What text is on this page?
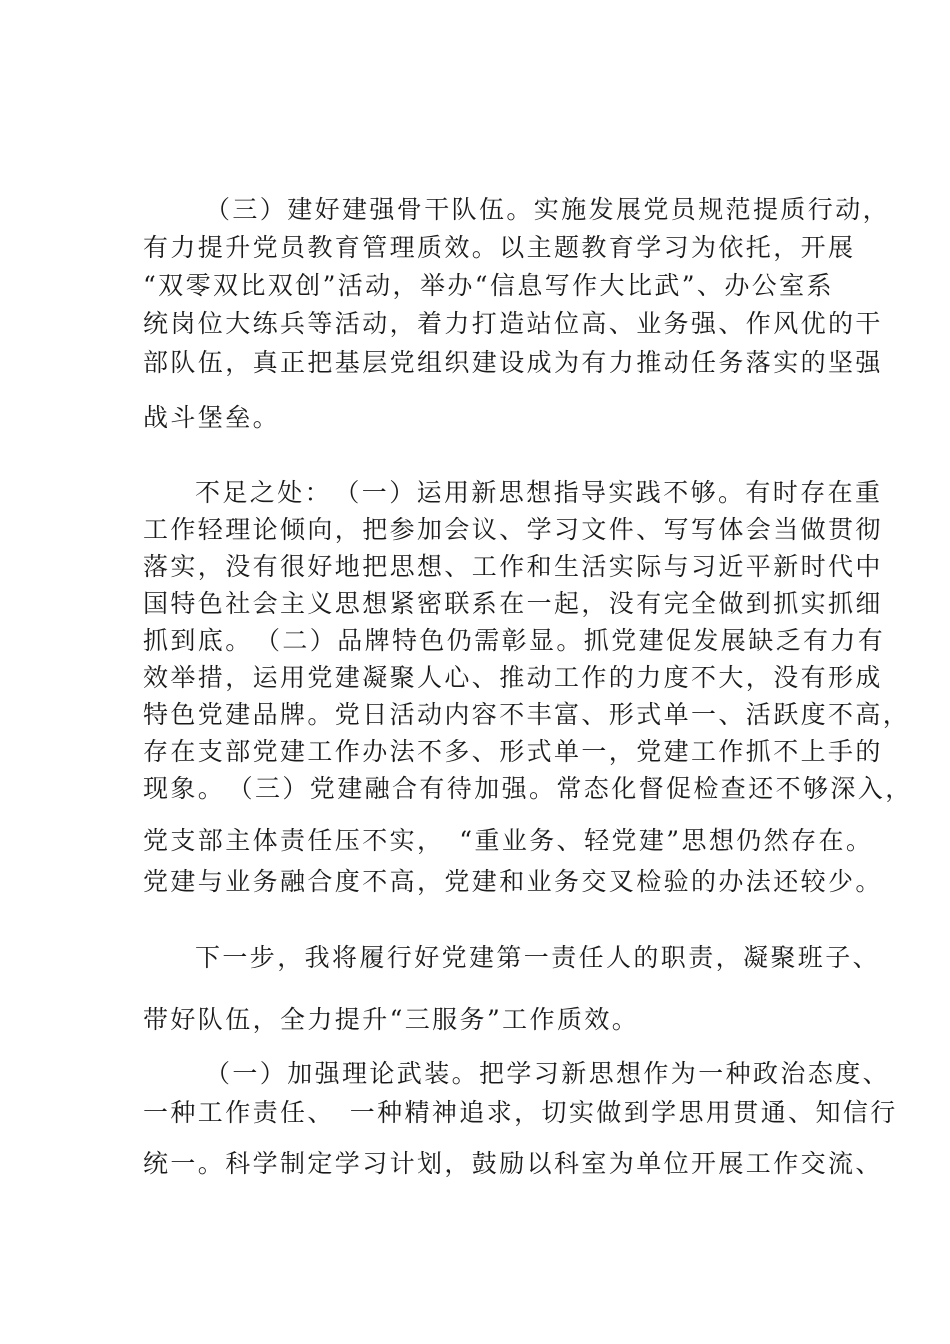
（三）建好建强骨干队伍。实施发展党员规范提质行动，
有力提升党员教育管理质效。以主题教育学习为依托，开展
“双零双比双创”活动，举办“信息写作大比武”、办公室系
统岗位大练兵等活动，着力打造站位高、业务强、作风优的干
部队伍，真正把基层党组织建设成为有力推动任务落实的坚强
战斗堡垒。
不足之处：　（一）运用新思想指导实践不够。有时存在重
工作轻理论倾向，把参加会议、学习文件、写写体会当做贯彻
落实，没有很好地把思想、工作和生活实际与习近平新时代中
国特色社会主义思想紧密联系在一起，没有完全做到抓实抓细
抓到底。　（二）品牌特色仍需彰显。抓党建促发展缺乏有力有
效举措，运用党建凝聚人心、推动工作的力度不大，没有形成
特色党建品牌。党日活动内容不丰富、形式单一、活跃度不高，
存在支部党建工作办法不多、形式单一，党建工作抓不上手的
现象。　（三）党建融合有待加强。常态化督促检查还不够深入，
党支部主体责任压不实，　“重业务、轻党建”思想仍然存在。
党建与业务融合度不高，党建和业务交叉检验的办法还较少。
下一步，我将履行好党建第一责任人的职责，凝聚班子、
带好队伍，全力提升“三服务”工作质效。
（一）加强理论武装。把学习新思想作为一种政治态度、
一种工作责任、　一种精神追求，切实做到学思用贯通、知信行
统一。科学制定学习计划，鼓励以科室为单位开展工作交流、
